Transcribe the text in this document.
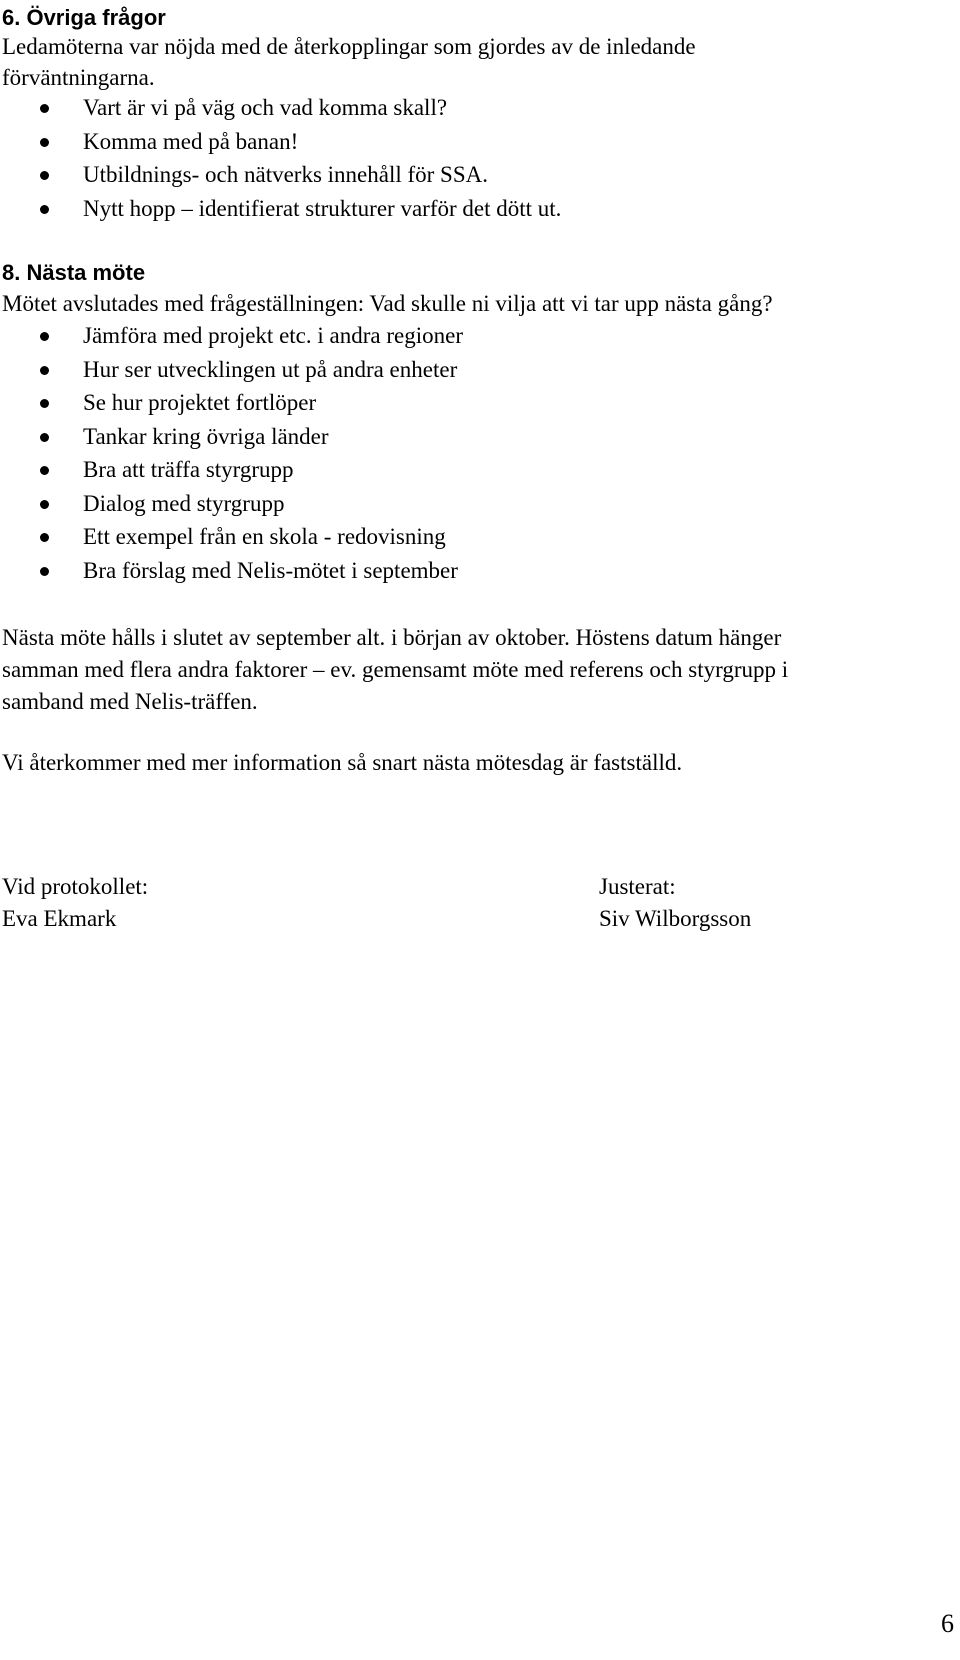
6. Övriga frågor
Ledamöterna var nöjda med de återkopplingar som gjordes av de inledande
förväntningarna.
Vart är vi på väg och vad komma skall?
Komma med på banan!
Utbildnings- och nätverks innehåll för SSA.
Nytt hopp – identifierat strukturer varför det dött ut.
8. Nästa möte
Mötet avslutades med frågeställningen: Vad skulle ni vilja att vi tar upp nästa gång?
Jämföra med projekt etc. i andra regioner
Hur ser utvecklingen ut på andra enheter
Se hur projektet fortlöper
Tankar kring övriga länder
Bra att träffa styrgrupp
Dialog med styrgrupp
Ett exempel från en skola - redovisning
Bra förslag med Nelis-mötet i september
Nästa möte hålls i slutet av september alt. i början av oktober. Höstens datum hänger
samman med flera andra faktorer – ev. gemensamt möte med referens och styrgrupp i
samband med Nelis-träffen.
Vi återkommer med mer information så snart nästa mötesdag är fastställd.
Vid protokollet:
Eva Ekmark
Justerat:
Siv Wilborgsson
6
